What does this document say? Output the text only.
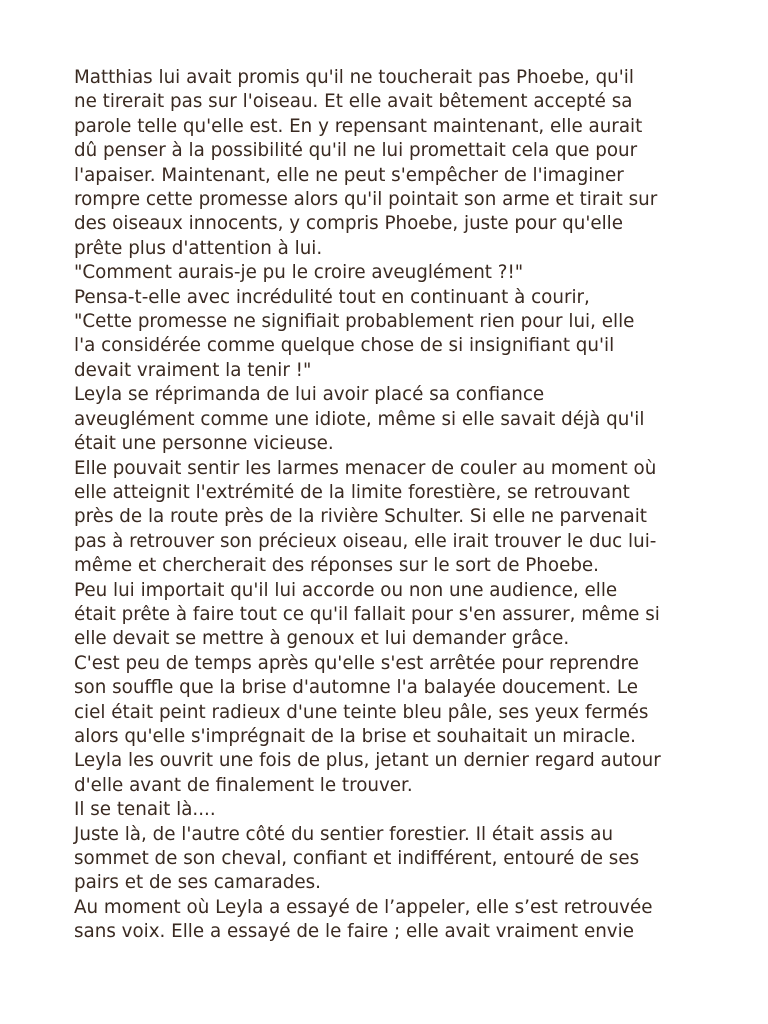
Matthias lui avait promis qu'il ne toucherait pas Phoebe, qu'il
ne tirerait pas sur l'oiseau. Et elle avait bêtement accepté sa
parole telle qu'elle est. En y repensant maintenant, elle aurait
dû penser à la possibilité qu'il ne lui promettait cela que pour
l'apaiser. Maintenant, elle ne peut s'empêcher de l'imaginer
rompre cette promesse alors qu'il pointait son arme et tirait sur
des oiseaux innocents, y compris Phoebe, juste pour qu'elle
prête plus d'attention à lui.
"Comment aurais-je pu le croire aveuglément ?!"
Pensa-t-elle avec incrédulité tout en continuant à courir,
"Cette promesse ne signifiait probablement rien pour lui, elle
l'a considérée comme quelque chose de si insignifiant qu'il
devait vraiment la tenir !"
Leyla se réprimanda de lui avoir placé sa confiance
aveuglément comme une idiote, même si elle savait déjà qu'il
était une personne vicieuse.
Elle pouvait sentir les larmes menacer de couler au moment où
elle atteignit l'extrémité de la limite forestière, se retrouvant
près de la route près de la rivière Schulter. Si elle ne parvenait
pas à retrouver son précieux oiseau, elle irait trouver le duc lui-
même et chercherait des réponses sur le sort de Phoebe.
Peu lui importait qu'il lui accorde ou non une audience, elle
était prête à faire tout ce qu'il fallait pour s'en assurer, même si
elle devait se mettre à genoux et lui demander grâce.
C'est peu de temps après qu'elle s'est arrêtée pour reprendre
son souffle que la brise d'automne l'a balayée doucement. Le
ciel était peint radieux d'une teinte bleu pâle, ses yeux fermés
alors qu'elle s'imprégnait de la brise et souhaitait un miracle.
Leyla les ouvrit une fois de plus, jetant un dernier regard autour
d'elle avant de finalement le trouver.
Il se tenait là....
Juste là, de l'autre côté du sentier forestier. Il était assis au
sommet de son cheval, confiant et indifférent, entouré de ses
pairs et de ses camarades.
Au moment où Leyla a essayé de l’appeler, elle s’est retrouvée
sans voix. Elle a essayé de le faire ; elle avait vraiment envie
